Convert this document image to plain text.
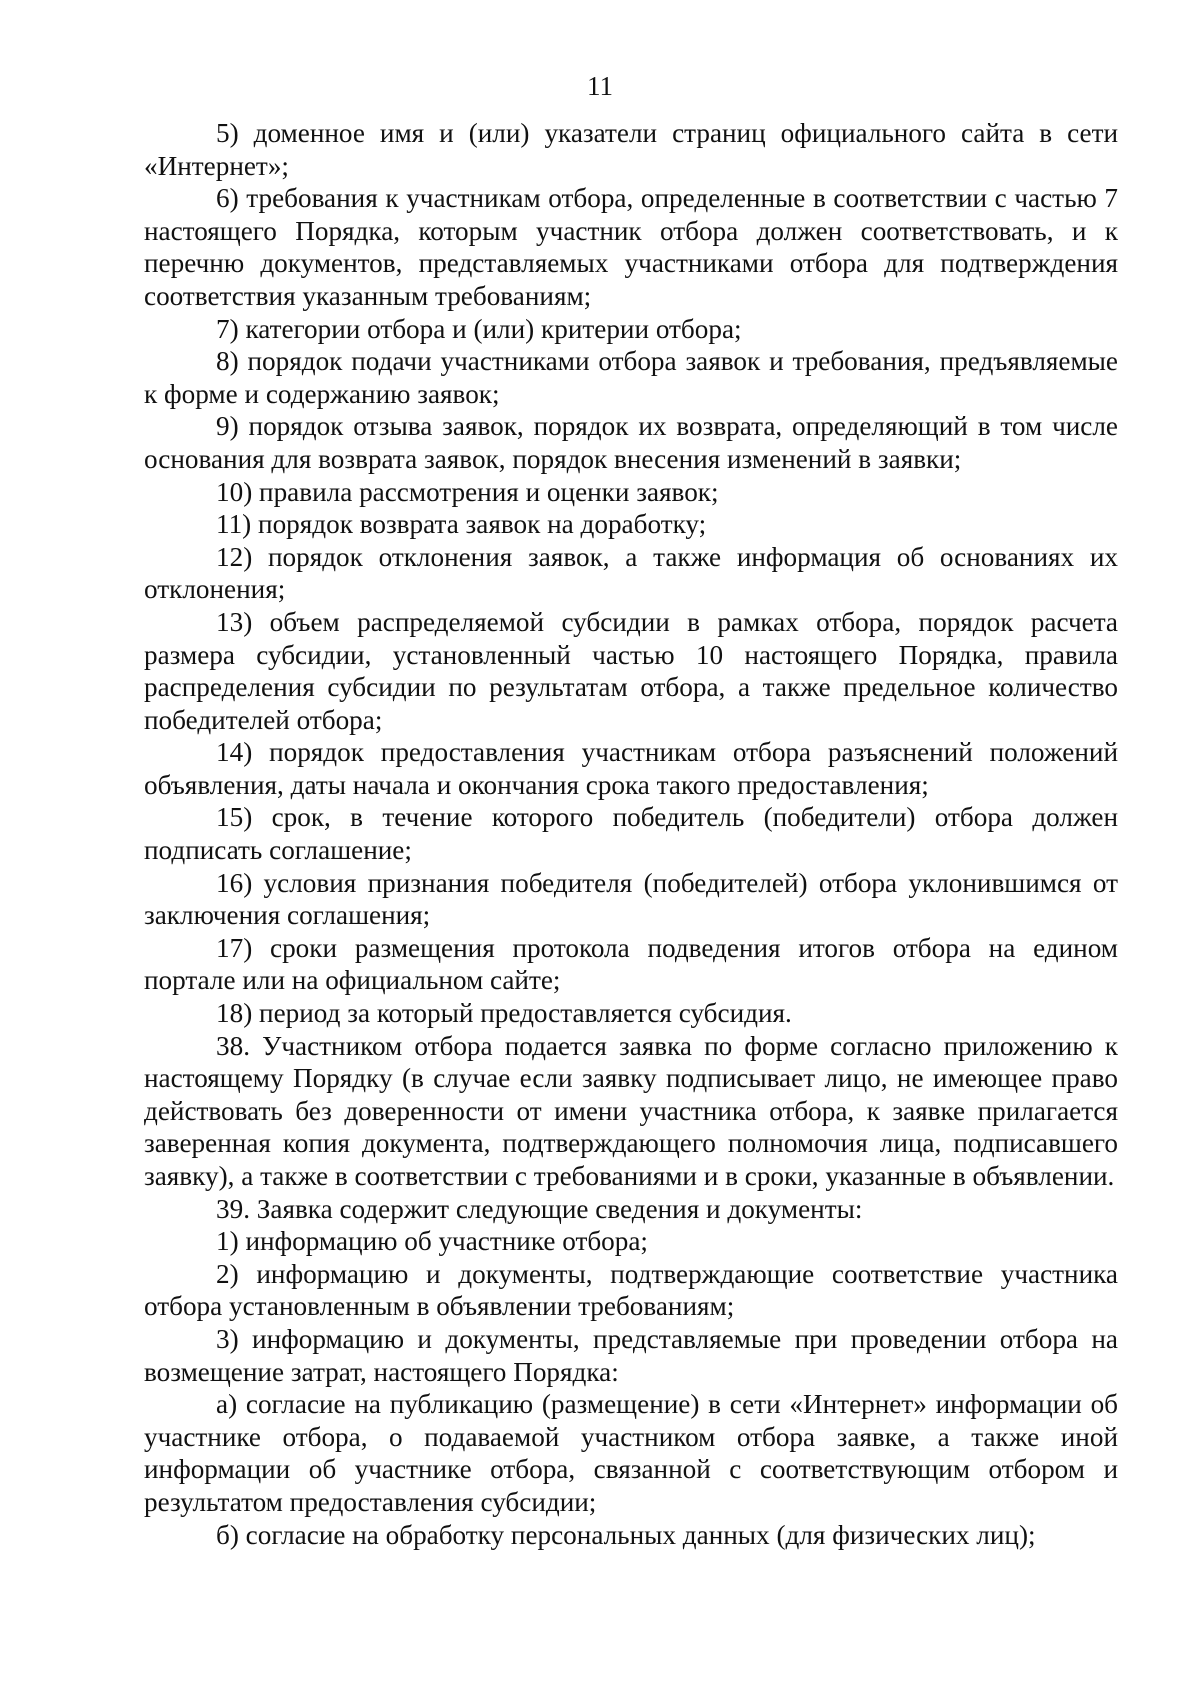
11

5) доменное имя и (или) указатели страниц официального сайта в сети «Интернет»;

6) требования к участникам отбора, определенные в соответствии с частью 7 настоящего Порядка, которым участник отбора должен соответствовать, и к перечню документов, представляемых участниками отбора для подтверждения соответствия указанным требованиям;

7) категории отбора и (или) критерии отбора;

8) порядок подачи участниками отбора заявок и требования, предъявляемые к форме и содержанию заявок;

9) порядок отзыва заявок, порядок их возврата, определяющий в том числе основания для возврата заявок, порядок внесения изменений в заявки;

10) правила рассмотрения и оценки заявок;

11) порядок возврата заявок на доработку;

12) порядок отклонения заявок, а также информация об основаниях их отклонения;

13) объем распределяемой субсидии в рамках отбора, порядок расчета размера субсидии, установленный частью 10 настоящего Порядка, правила распределения субсидии по результатам отбора, а также предельное количество победителей отбора;

14) порядок предоставления участникам отбора разъяснений положений объявления, даты начала и окончания срока такого предоставления;

15) срок, в течение которого победитель (победители) отбора должен подписать соглашение;

16) условия признания победителя (победителей) отбора уклонившимся от заключения соглашения;

17) сроки размещения протокола подведения итогов отбора на едином портале или на официальном сайте;

18) период за который предоставляется субсидия.

38. Участником отбора подается заявка по форме согласно приложению к настоящему Порядку (в случае если заявку подписывает лицо, не имеющее право действовать без доверенности от имени участника отбора, к заявке прилагается заверенная копия документа, подтверждающего полномочия лица, подписавшего заявку), а также в соответствии с требованиями и в сроки, указанные в объявлении.

39. Заявка содержит следующие сведения и документы:

1) информацию об участнике отбора;

2) информацию и документы, подтверждающие соответствие участника отбора установленным в объявлении требованиям;

3) информацию и документы, представляемые при проведении отбора на возмещение затрат, настоящего Порядка:

а) согласие на публикацию (размещение) в сети «Интернет» информации об участнике отбора, о подаваемой участником отбора заявке, а также иной информации об участнике отбора, связанной с соответствующим отбором и результатом предоставления субсидии;

б) согласие на обработку персональных данных (для физических лиц);
